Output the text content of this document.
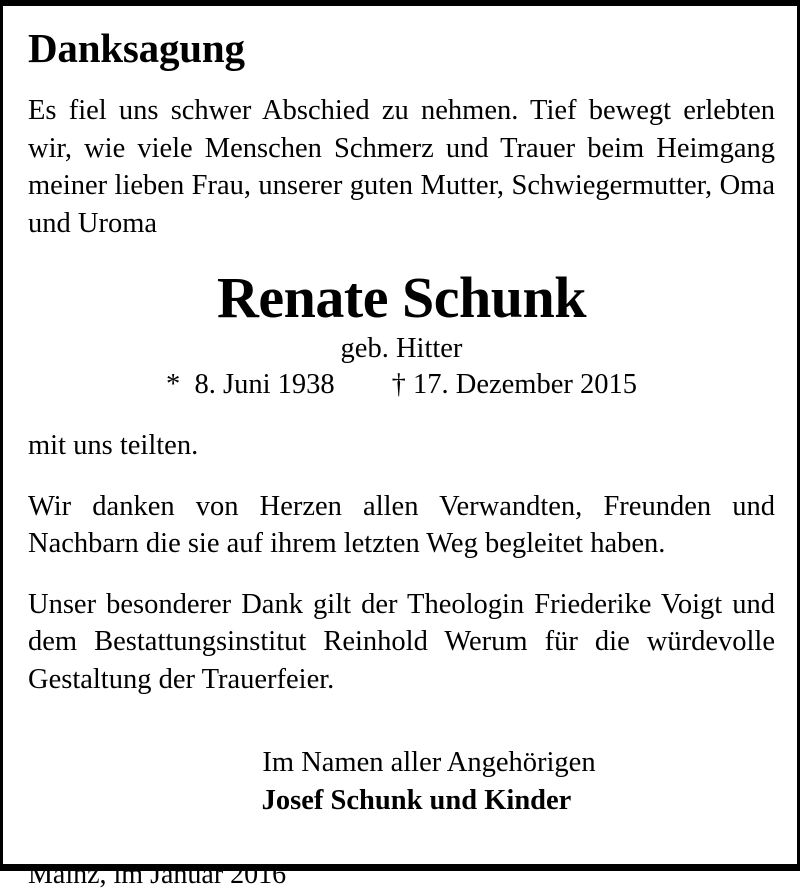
Danksagung

Es fiel uns schwer Abschied zu nehmen. Tief bewegt erlebten wir, wie viele Menschen Schmerz und Trauer beim Heimgang meiner lieben Frau, unserer guten Mutter, Schwiegermutter, Oma und Uroma

Renate Schunk
geb. Hitter
*  8. Juni 1938        † 17. Dezember 2015

mit uns teilten.

Wir danken von Herzen allen Verwandten, Freunden und Nachbarn die sie auf ihrem letzten Weg begleitet haben.

Unser besonderer Dank gilt der Theologin Friederike Voigt und dem Bestattungsinstitut Reinhold Werum für die würdevolle Gestaltung der Trauerfeier.

Im Namen aller Angehörigen
Josef Schunk und Kinder
Mainz, im Januar 2016
